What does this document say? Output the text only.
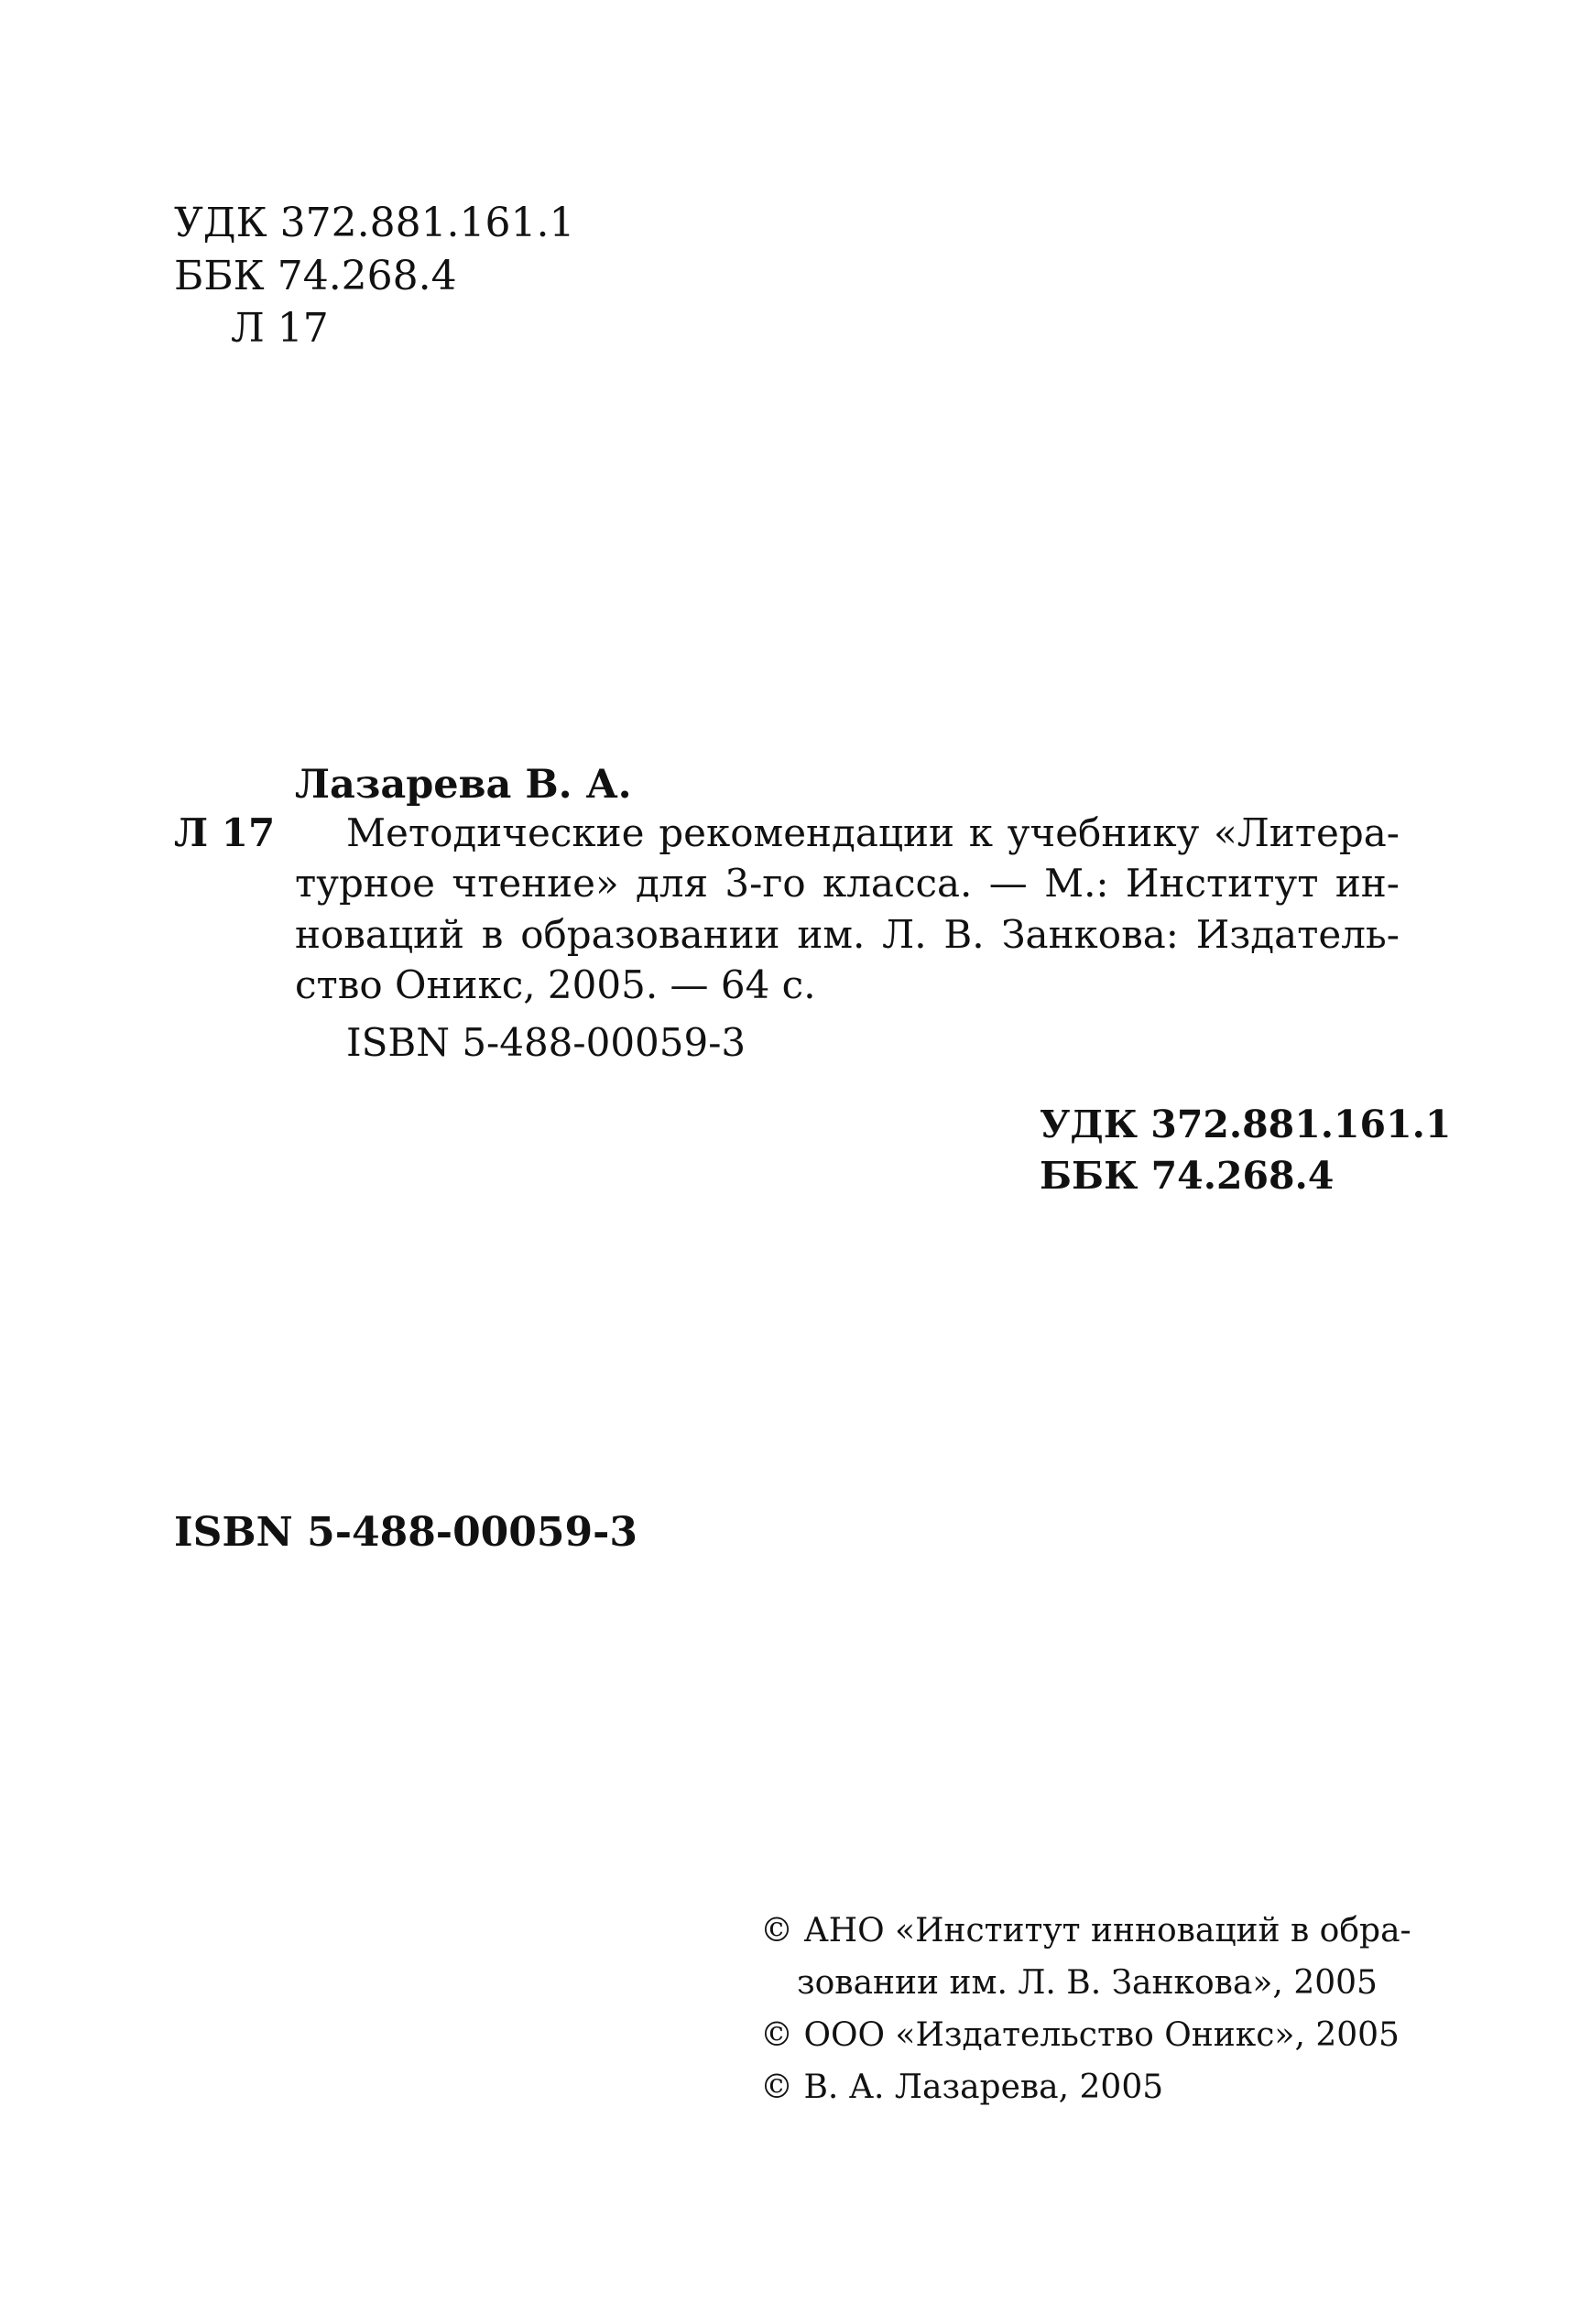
УДК 372.881.161.1
ББК 74.268.4
Л 17
Лазарева В. А.
Л 17 Методические рекомендации к учебнику «Литера-
турное чтение» для 3-го класса. — М.: Институт ин-
новаций в образовании им. Л. В. Занкова: Издатель-
ство Оникс, 2005. — 64 с.
ISBN 5-488-00059-3
УДК 372.881.161.1
ББК 74.268.4
ISBN 5-488-00059-3
© АНО «Институт инноваций в обра-
зовании им. Л. В. Занкова», 2005
© ООО «Издательство Оникс», 2005
© В. А. Лазарева, 2005
